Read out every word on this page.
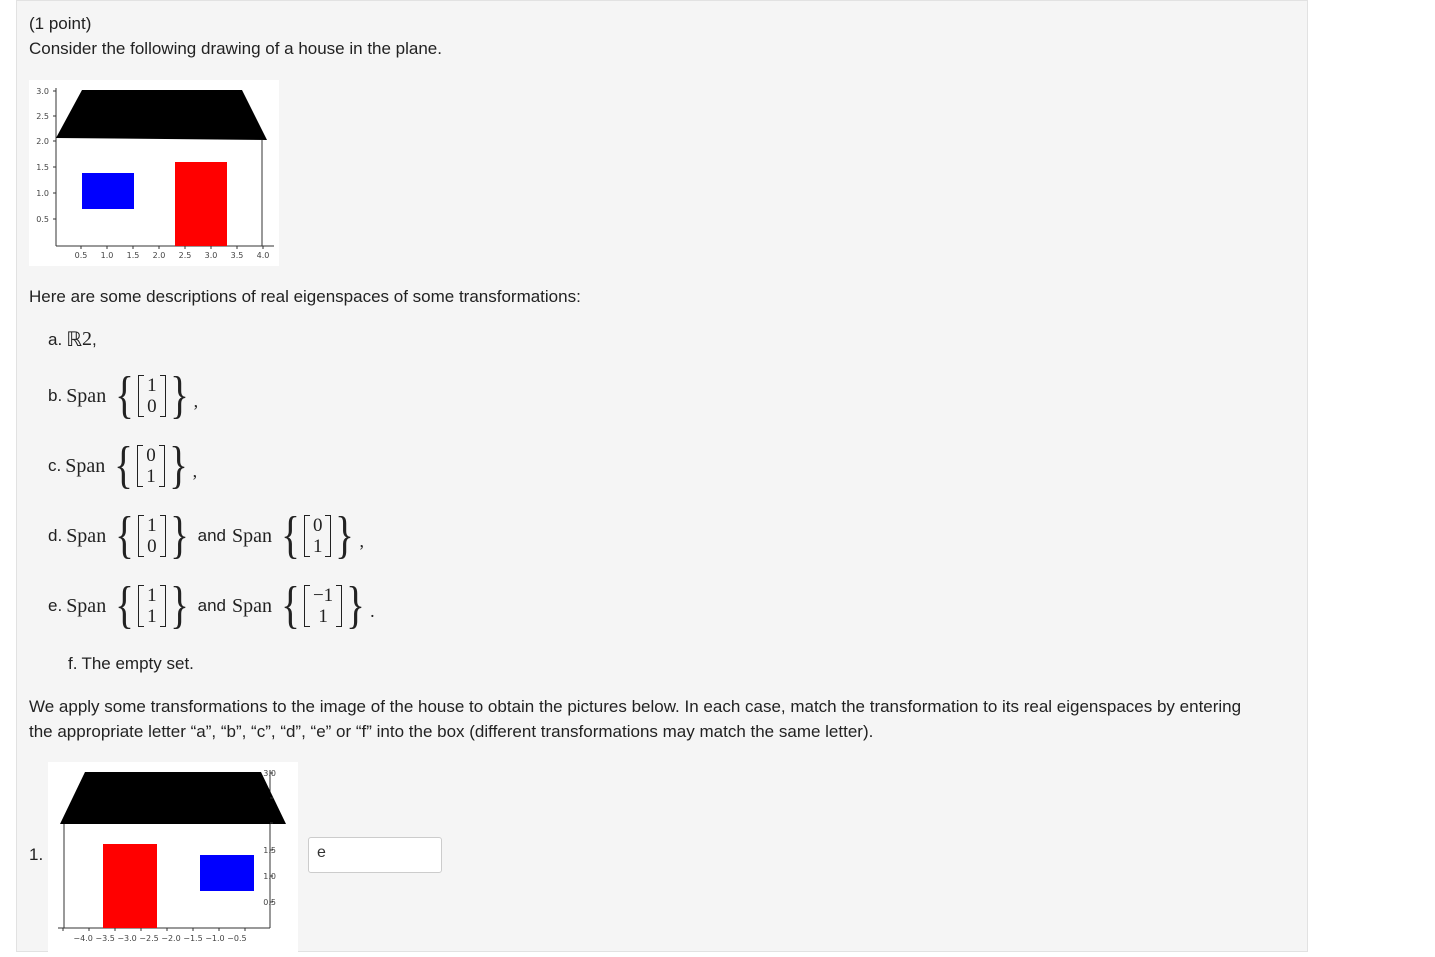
(1 point)
Consider the following drawing of a house in the plane.
3.0
2.5
2.0
1.5
1.0
0.5
0.5 1.0 1.5 2.0 2.5 3.0 3.5 4.0
Here are some descriptions of real eigenspaces of some transformations:
a. ℝ 2 ,
b. Span { 1
0 } ,
c. Span { 0
1 } ,
d. Span { 1
0 } and Span { 0
1 } ,
e. Span { 1
1 } and Span { −1
1 } .
f. The empty set.
We apply some transformations to the image of the house to obtain the pictures below. In each case, match the transformation to its real eigenspaces by entering
the appropriate letter “a”, “b”, “c”, “d”, “e” or “f” into the box (different transformations may match the same letter).
1.
3.0
1.5
1.0
0.5
−4.0 −3.5 −3.0 −2.5 −2.0 −1.5 −1.0 −0.5
e
